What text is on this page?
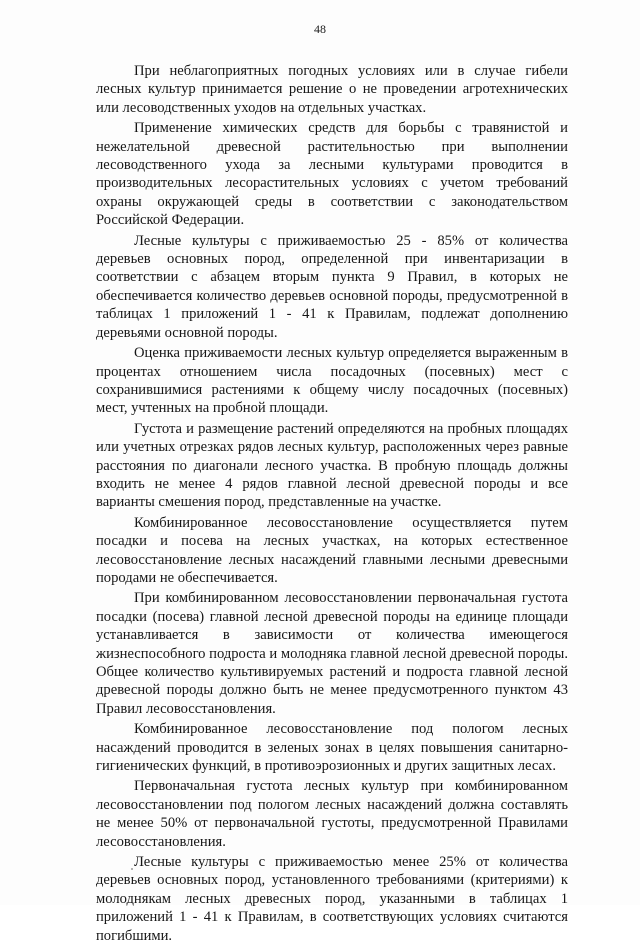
48

При неблагоприятных погодных условиях или в случае гибели лесных культур принимается решение о не проведении агротехнических или лесоводственных уходов на отдельных участках.

Применение химических средств для борьбы с травянистой и нежелательной древесной растительностью при выполнении лесоводственного ухода за лесными культурами проводится в производительных лесорастительных условиях с учетом требований охраны окружающей среды в соответствии с законодательством Российской Федерации.

Лесные культуры с приживаемостью 25 - 85% от количества деревьев основных пород, определенной при инвентаризации в соответствии с абзацем вторым пункта 9 Правил, в которых не обеспечивается количество деревьев основной породы, предусмотренной в таблицах 1 приложений 1 - 41 к Правилам, подлежат дополнению деревьями основной породы.

Оценка приживаемости лесных культур определяется выраженным в процентах отношением числа посадочных (посевных) мест с сохранившимися растениями к общему числу посадочных (посевных) мест, учтенных на пробной площади.

Густота и размещение растений определяются на пробных площадях или учетных отрезках рядов лесных культур, расположенных через равные расстояния по диагонали лесного участка. В пробную площадь должны входить не менее 4 рядов главной лесной древесной породы и все варианты смешения пород, представленные на участке.

Комбинированное лесовосстановление осуществляется путем посадки и посева на лесных участках, на которых естественное лесовосстановление лесных насаждений главными лесными древесными породами не обеспечивается.

При комбинированном лесовосстановлении первоначальная густота посадки (посева) главной лесной древесной породы на единице площади устанавливается в зависимости от количества имеющегося жизнеспособного подроста и молодняка главной лесной древесной породы. Общее количество культивируемых растений и подроста главной лесной древесной породы должно быть не менее предусмотренного пунктом 43 Правил лесовосстановления.

Комбинированное лесовосстановление под пологом лесных насаждений проводится в зеленых зонах в целях повышения санитарно-гигиенических функций, в противоэрозионных и других защитных лесах.

Первоначальная густота лесных культур при комбинированном лесовосстановлении под пологом лесных насаждений должна составлять не менее 50% от первоначальной густоты, предусмотренной Правилами лесовосстановления.

Лесные культуры с приживаемостью менее 25% от количества деревьев основных пород, установленного требованиями (критериями) к молоднякам лесных древесных пород, указанными в таблицах 1 приложений 1 - 41 к Правилам, в соответствующих условиях считаются погибшими.
